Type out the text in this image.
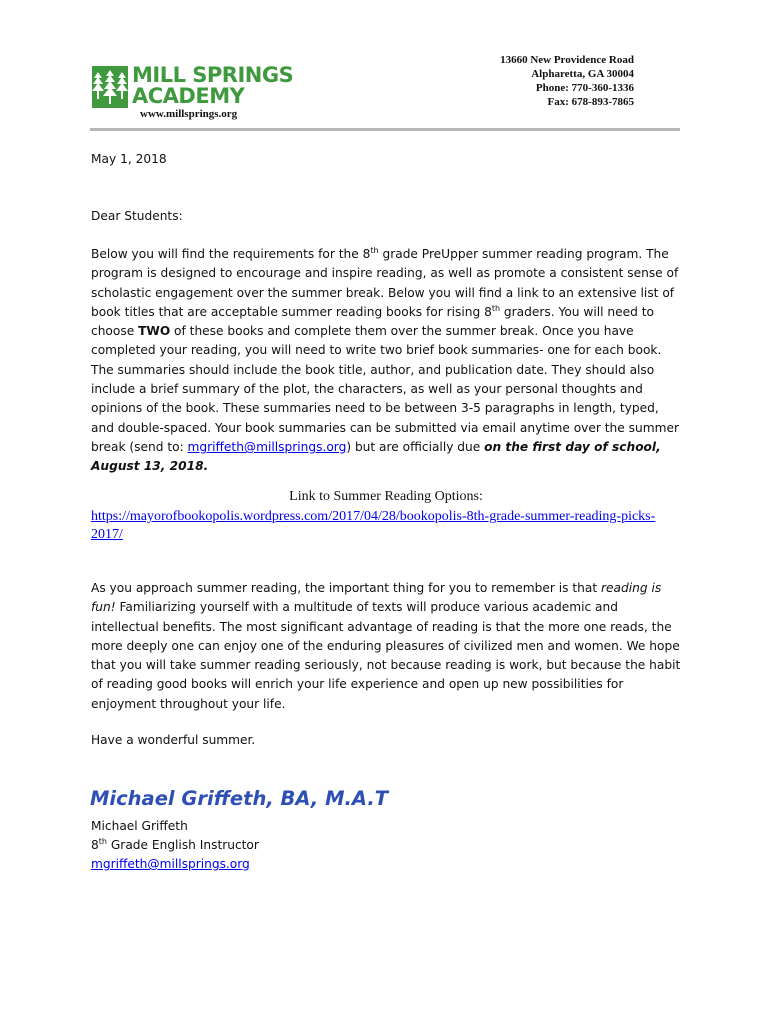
MILL SPRINGS
ACADEMY
www.millsprings.org
13660 New Providence Road
Alpharetta, GA 30004
Phone: 770-360-1336
Fax: 678-893-7865
May 1, 2018
Dear Students:
Below you will find the requirements for the 8th grade PreUpper summer reading program. The program is designed to encourage and inspire reading, as well as promote a consistent sense of scholastic engagement over the summer break. Below you will find a link to an extensive list of book titles that are acceptable summer reading books for rising 8th graders. You will need to choose TWO of these books and complete them over the summer break. Once you have completed your reading, you will need to write two brief book summaries- one for each book. The summaries should include the book title, author, and publication date. They should also include a brief summary of the plot, the characters, as well as your personal thoughts and opinions of the book. These summaries need to be between 3-5 paragraphs in length, typed, and double-spaced. Your book summaries can be submitted via email anytime over the summer break (send to: mgriffeth@millsprings.org) but are officially due on the first day of school, August 13, 2018.
Link to Summer Reading Options:
https://mayorofbookopolis.wordpress.com/2017/04/28/bookopolis-8th-grade-summer-reading-picks-2017/
As you approach summer reading, the important thing for you to remember is that reading is fun! Familiarizing yourself with a multitude of texts will produce various academic and intellectual benefits. The most significant advantage of reading is that the more one reads, the more deeply one can enjoy one of the enduring pleasures of civilized men and women. We hope that you will take summer reading seriously, not because reading is work, but because the habit of reading good books will enrich your life experience and open up new possibilities for enjoyment throughout your life.
Have a wonderful summer.
Michael Griffeth, BA, M.A.T
Michael Griffeth
8th Grade English Instructor
mgriffeth@millsprings.org
